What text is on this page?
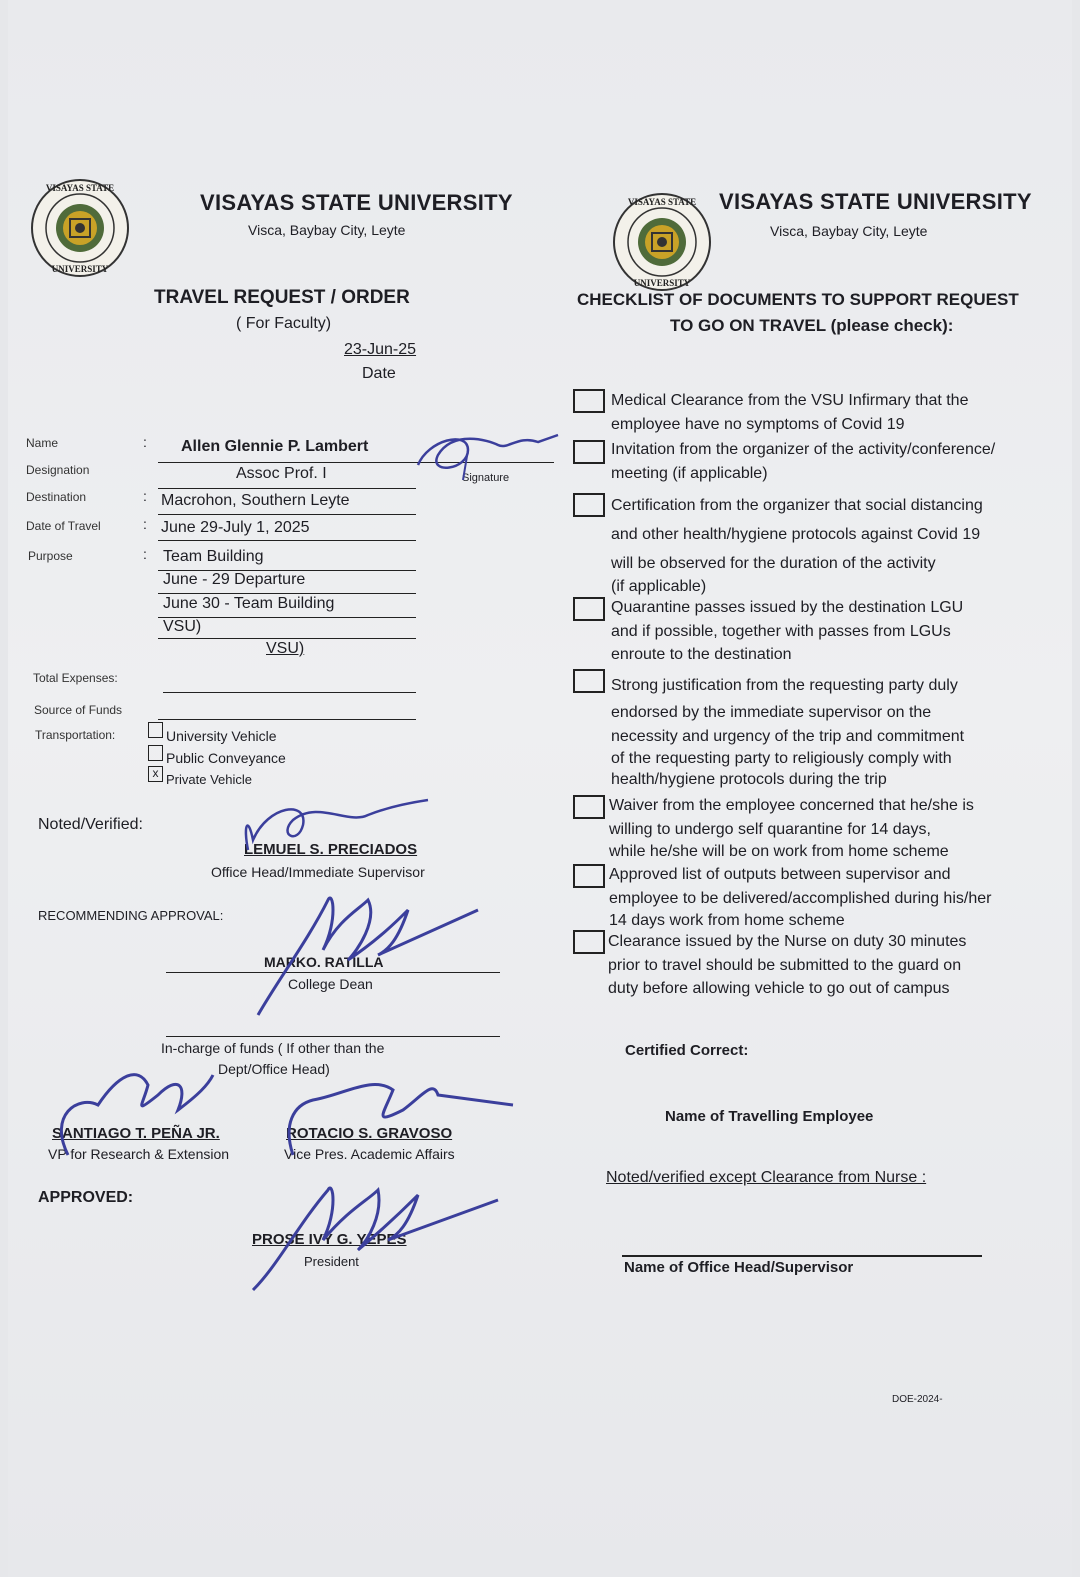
VISAYAS STATE
UNIVERSITY
VISAYAS STATE UNIVERSITY
Visca, Baybay City, Leyte
TRAVEL REQUEST / ORDER
( For Faculty)
23-Jun-25
Date
Name	: Allen Glennie P. Lambert
Signature
Designation	Assoc Prof. I
Destination	: Macrohon, Southern Leyte
Date of Travel	: June 29-July 1, 2025
Purpose	: Team Building
June - 29 Departure
June 30 - Team Building
VSU)
VSU)
Total Expenses:
Source of Funds
Transportation:	University Vehicle
Public Conveyance
x Private Vehicle
Noted/Verified:
LEMUEL S. PRECIADOS
Office Head/Immediate Supervisor
RECOMMENDING APPROVAL:
MARKO. RATILLA
College Dean
In-charge of funds ( If other than the
Dept/Office Head)
SANTIAGO T. PEÑA JR.
VP for Research & Extension
ROTACIO S. GRAVOSO
Vice Pres. Academic Affairs
APPROVED:
PROSE IVY G. YEPES
President
VISAYAS STATE
UNIVERSITY
VISAYAS STATE UNIVERSITY
Visca, Baybay City, Leyte
CHECKLIST OF DOCUMENTS TO SUPPORT REQUEST
TO GO ON TRAVEL (please check):
Medical Clearance from the VSU Infirmary that the
employee have no symptoms of Covid 19
Invitation from the organizer of the activity/conference/
meeting (if applicable)
Certification from the organizer that social distancing
and other health/hygiene protocols against Covid 19
will be observed for the duration of the activity
(if applicable)
Quarantine passes issued by the destination LGU
and if possible, together with passes from LGUs
enroute to the destination
Strong justification from the requesting party duly
endorsed by the immediate supervisor on the
necessity and urgency of the trip and commitment
of the requesting party to religiously comply with
health/hygiene protocols during the trip
Waiver from the employee concerned that he/she is
willing to undergo self quarantine for 14 days,
while he/she will be on work from home scheme
Approved list of outputs between supervisor and
employee to be delivered/accomplished during his/her
14 days work from home scheme
Clearance issued by the Nurse on duty 30 minutes
prior to travel should be submitted to the guard on
duty before allowing vehicle to go out of campus
Certified Correct:
Name of Travelling Employee
Noted/verified except Clearance from Nurse :
Name of Office Head/Supervisor
DOE-2024-
